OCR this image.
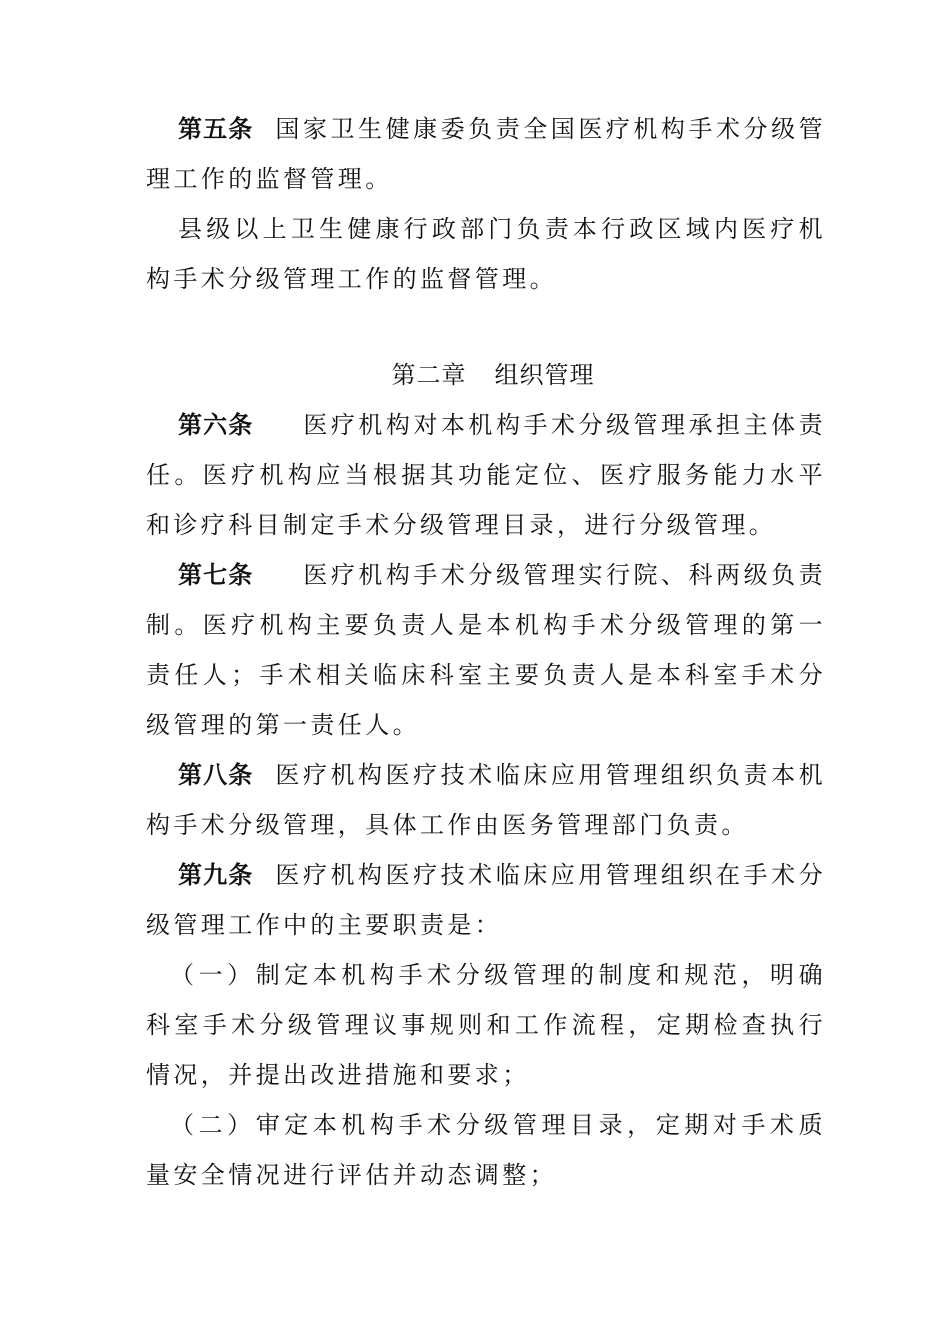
第五条 国家卫生健康委负责全国医疗机构手术分级管理工作的监督管理。

县级以上卫生健康行政部门负责本行政区域内医疗机构手术分级管理工作的监督管理。

第二章 组织管理

第六条 医疗机构对本机构手术分级管理承担主体责任。医疗机构应当根据其功能定位、医疗服务能力水平和诊疗科目制定手术分级管理目录，进行分级管理。

第七条 医疗机构手术分级管理实行院、科两级负责制。医疗机构主要负责人是本机构手术分级管理的第一责任人；手术相关临床科室主要负责人是本科室手术分级管理的第一责任人。

第八条 医疗机构医疗技术临床应用管理组织负责本机构手术分级管理，具体工作由医务管理部门负责。

第九条 医疗机构医疗技术临床应用管理组织在手术分级管理工作中的主要职责是：

（一）制定本机构手术分级管理的制度和规范，明确科室手术分级管理议事规则和工作流程，定期检查执行情况，并提出改进措施和要求；

（二）审定本机构手术分级管理目录，定期对手术质量安全情况进行评估并动态调整；
